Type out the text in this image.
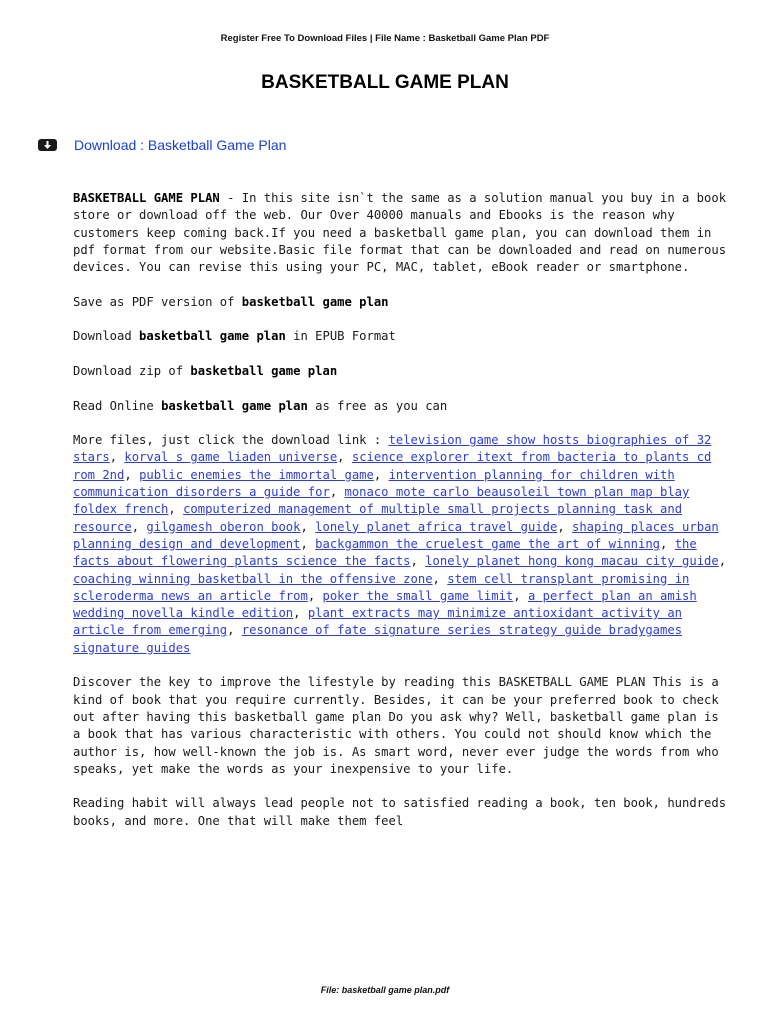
Register Free To Download Files | File Name : Basketball Game Plan PDF
BASKETBALL GAME PLAN
Download : Basketball Game Plan

BASKETBALL GAME PLAN - In this site isn`t the same as a solution manual you buy in a book store or download off the web. Our Over 40000 manuals and Ebooks is the reason why customers keep coming back.If you need a basketball game plan, you can download them in pdf format from our website.Basic file format that can be downloaded and read on numerous devices. You can revise this using your PC, MAC, tablet, eBook reader or smartphone.

Save as PDF version of basketball game plan

Download basketball game plan in EPUB Format

Download zip of basketball game plan

Read Online basketball game plan as free as you can

More files, just click the download link : television game show hosts biographies of 32 stars, korval s game liaden universe, science explorer itext from bacteria to plants cd rom 2nd, public enemies the immortal game, intervention planning for children with communication disorders a guide for, monaco mote carlo beausoleil town plan map blay foldex french, computerized management of multiple small projects planning task and resource, gilgamesh oberon book, lonely planet africa travel guide, shaping places urban planning design and development, backgammon the cruelest game the art of winning, the facts about flowering plants science the facts, lonely planet hong kong macau city guide, coaching winning basketball in the offensive zone, stem cell transplant promising in scleroderma news an article from, poker the small game limit, a perfect plan an amish wedding novella kindle edition, plant extracts may minimize antioxidant activity an article from emerging, resonance of fate signature series strategy guide bradygames signature guides

Discover the key to improve the lifestyle by reading this BASKETBALL GAME PLAN This is a kind of book that you require currently. Besides, it can be your preferred book to check out after having this basketball game plan Do you ask why? Well, basketball game plan is a book that has various characteristic with others. You could not should know which the author is, how well-known the job is. As smart word, never ever judge the words from who speaks, yet make the words as your inexpensive to your life.

Reading habit will always lead people not to satisfied reading a book, ten book, hundreds books, and more. One that will make them feel

File: basketball game plan.pdf
